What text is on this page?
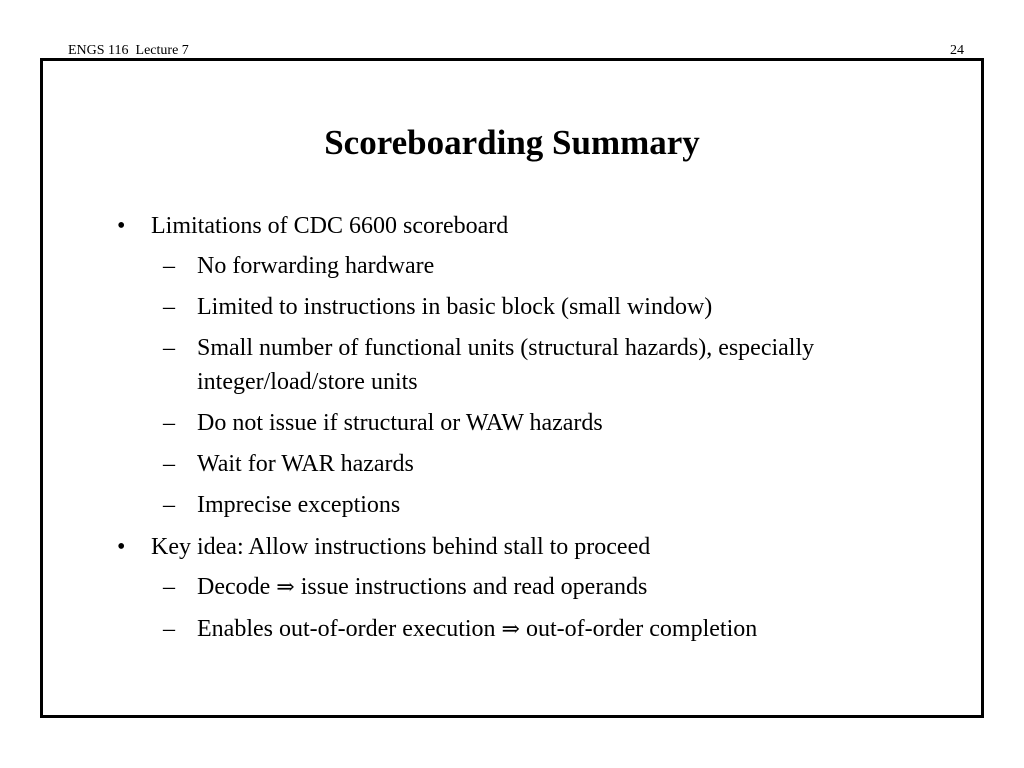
ENGS 116  Lecture 7	24
Scoreboarding Summary
• Limitations of CDC 6600 scoreboard
– No forwarding hardware
– Limited to instructions in basic block (small window)
– Small number of functional units (structural hazards), especially integer/load/store units
– Do not issue if structural or WAW hazards
– Wait for WAR hazards
– Imprecise exceptions
• Key idea: Allow instructions behind stall to proceed
– Decode ⇒ issue instructions and read operands
– Enables out-of-order execution ⇒ out-of-order completion
